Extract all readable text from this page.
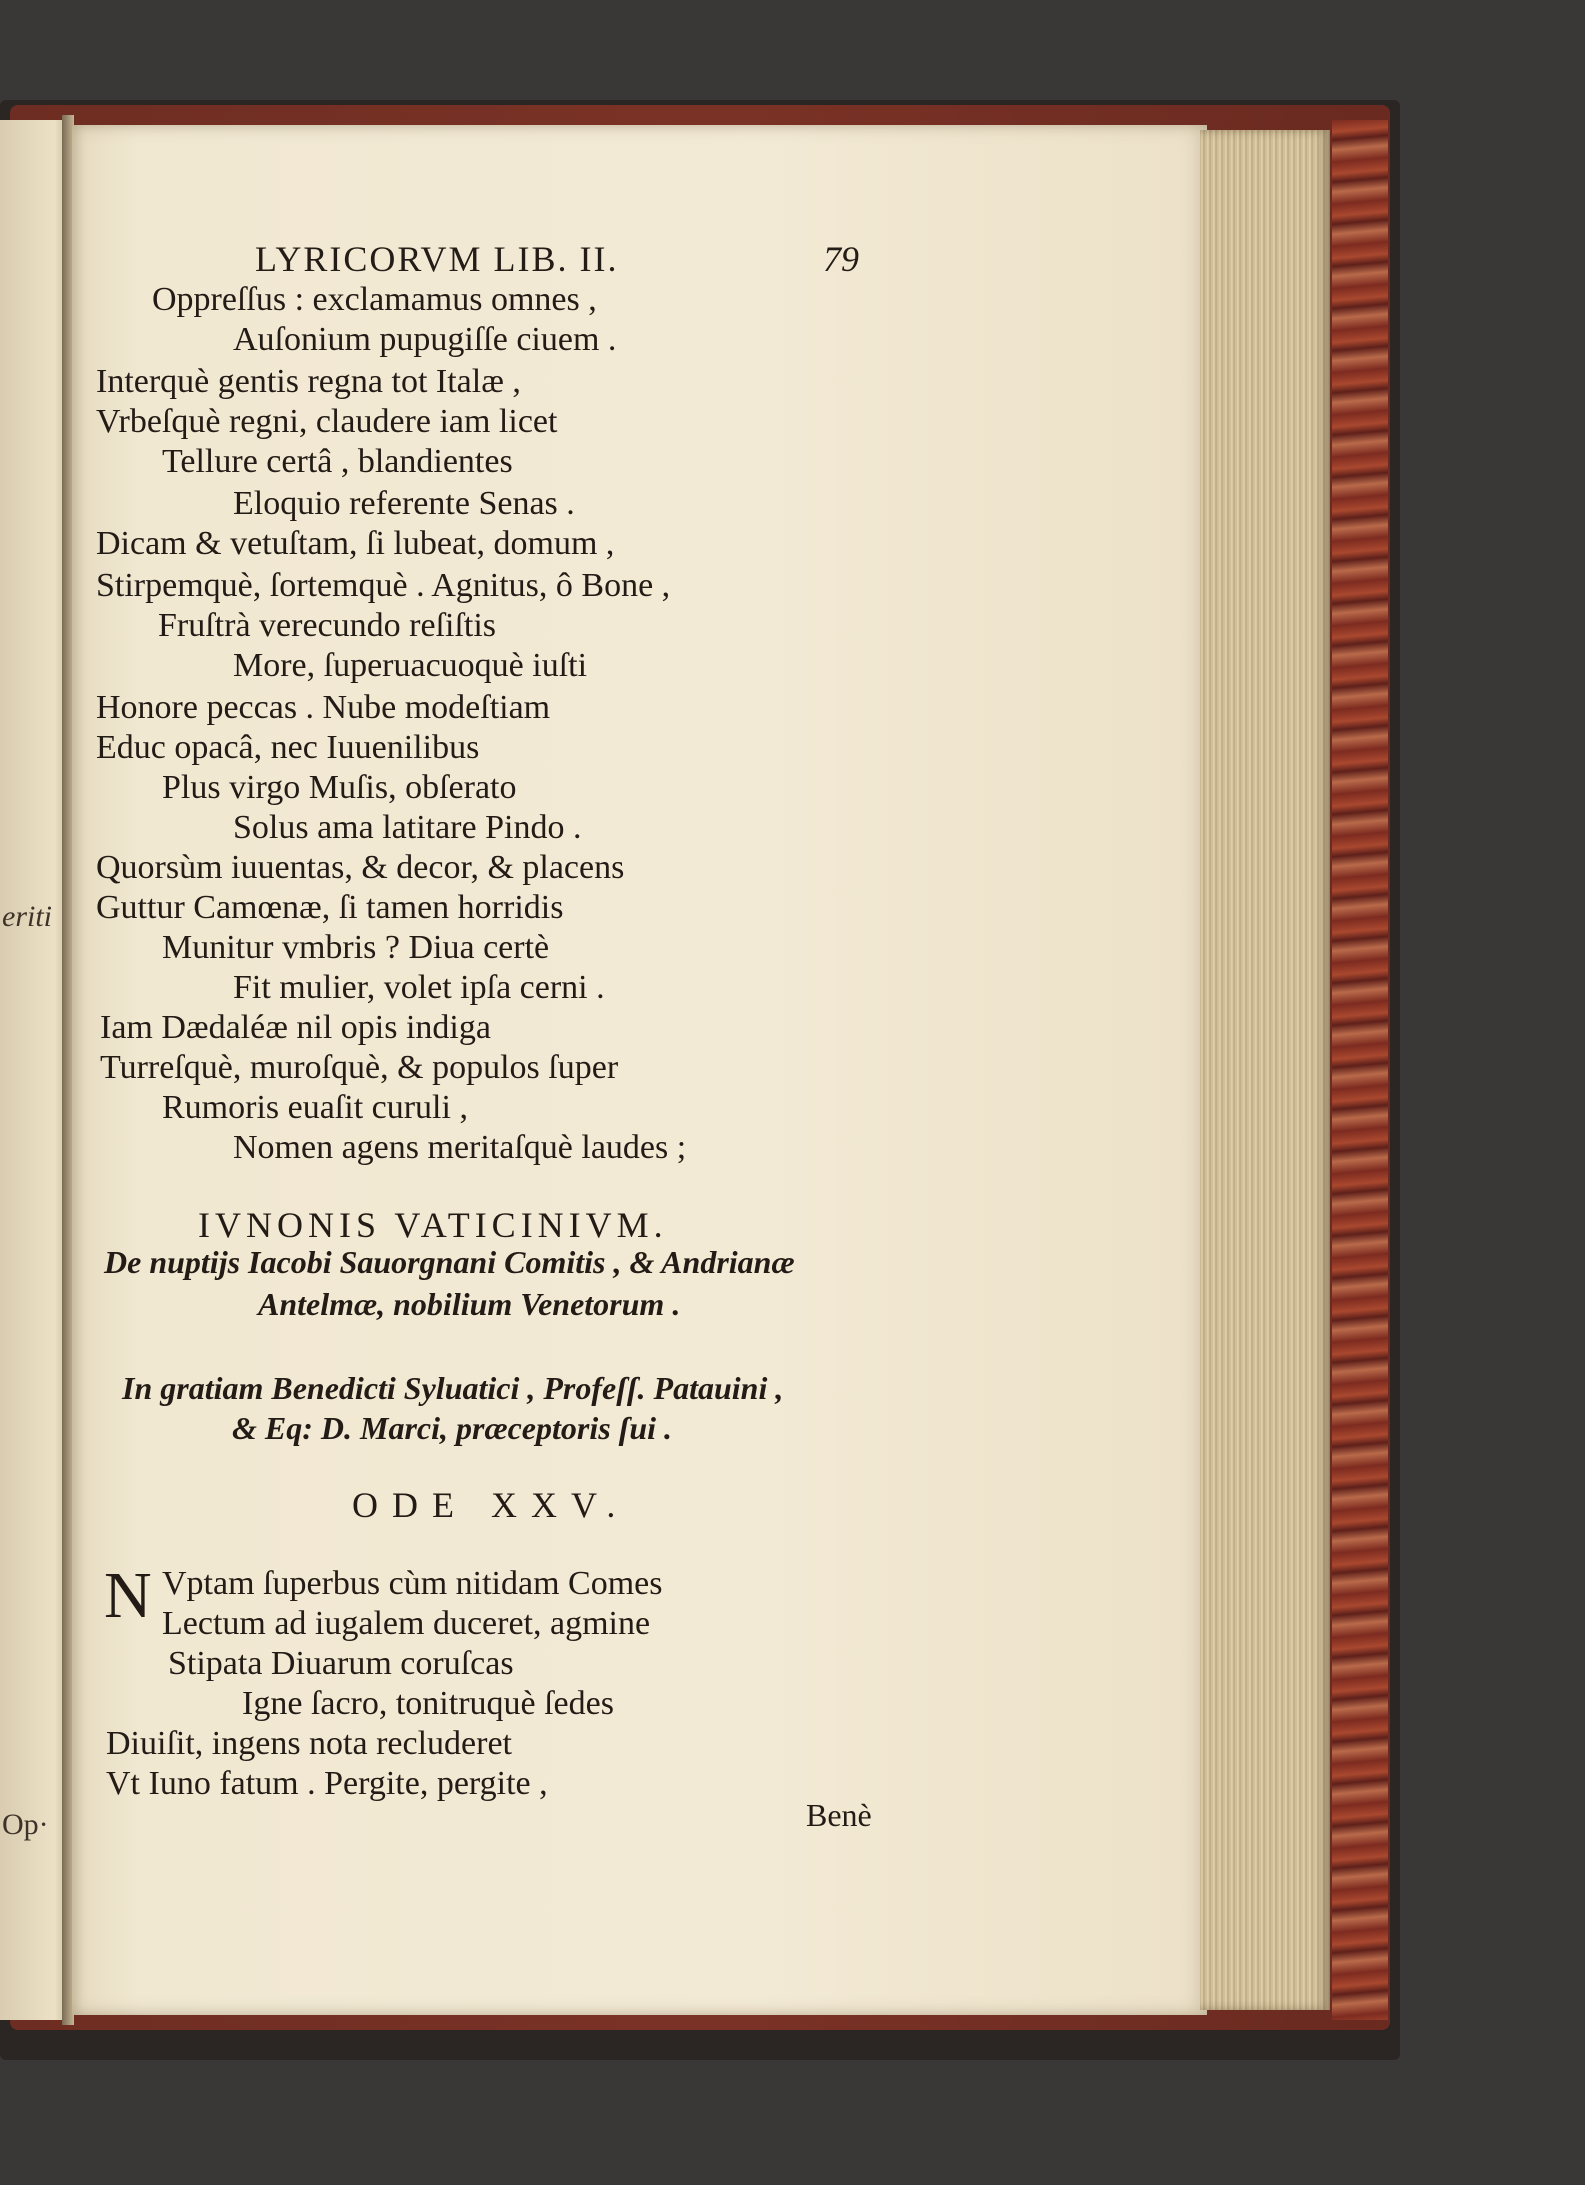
eriti
Op·
LYRICORVM LIB. II.	79
Oppreſſus : exclamamus omnes ,
Auſonium pupugiſſe ciuem .
Interquè gentis regna tot Italæ ,
Vrbeſquè regni, claudere iam licet
Tellure certâ , blandientes
Eloquio referente Senas .
Dicam & vetuſtam, ſi lubeat, domum ,
Stirpemquè, ſortemquè . Agnitus, ô Bone ,
Fruſtrà verecundo reſiſtis
More, ſuperuacuoquè iuſti
Honore peccas . Nube modeſtiam
Educ opacâ, nec Iuuenilibus
Plus virgo Muſis, obſerato
Solus ama latitare Pindo .
Quorsùm iuuentas, & decor, & placens
Guttur Camœnæ, ſi tamen horridis
Munitur vmbris ? Diua certè
Fit mulier, volet ipſa cerni .
Iam Dædaléæ nil opis indiga
Turreſquè, muroſquè, & populos ſuper
Rumoris euaſit curuli ,
Nomen agens meritaſquè laudes ;
IVNONIS VATICINIVM.
De nuptijs Iacobi Sauorgnani Comitis , & Andrianæ
Antelmæ, nobilium Venetorum .
In gratiam Benedicti Syluatici , Profeſſ. Patauini ,
& Eq: D. Marci, præceptoris ſui .
ODE XXV.
N Vptam ſuperbus cùm nitidam Comes
Lectum ad iugalem duceret, agmine
Stipata Diuarum coruſcas
Igne ſacro, tonitruquè ſedes
Diuiſit, ingens nota recluderet
Vt Iuno fatum . Pergite, pergite ,
Benè
